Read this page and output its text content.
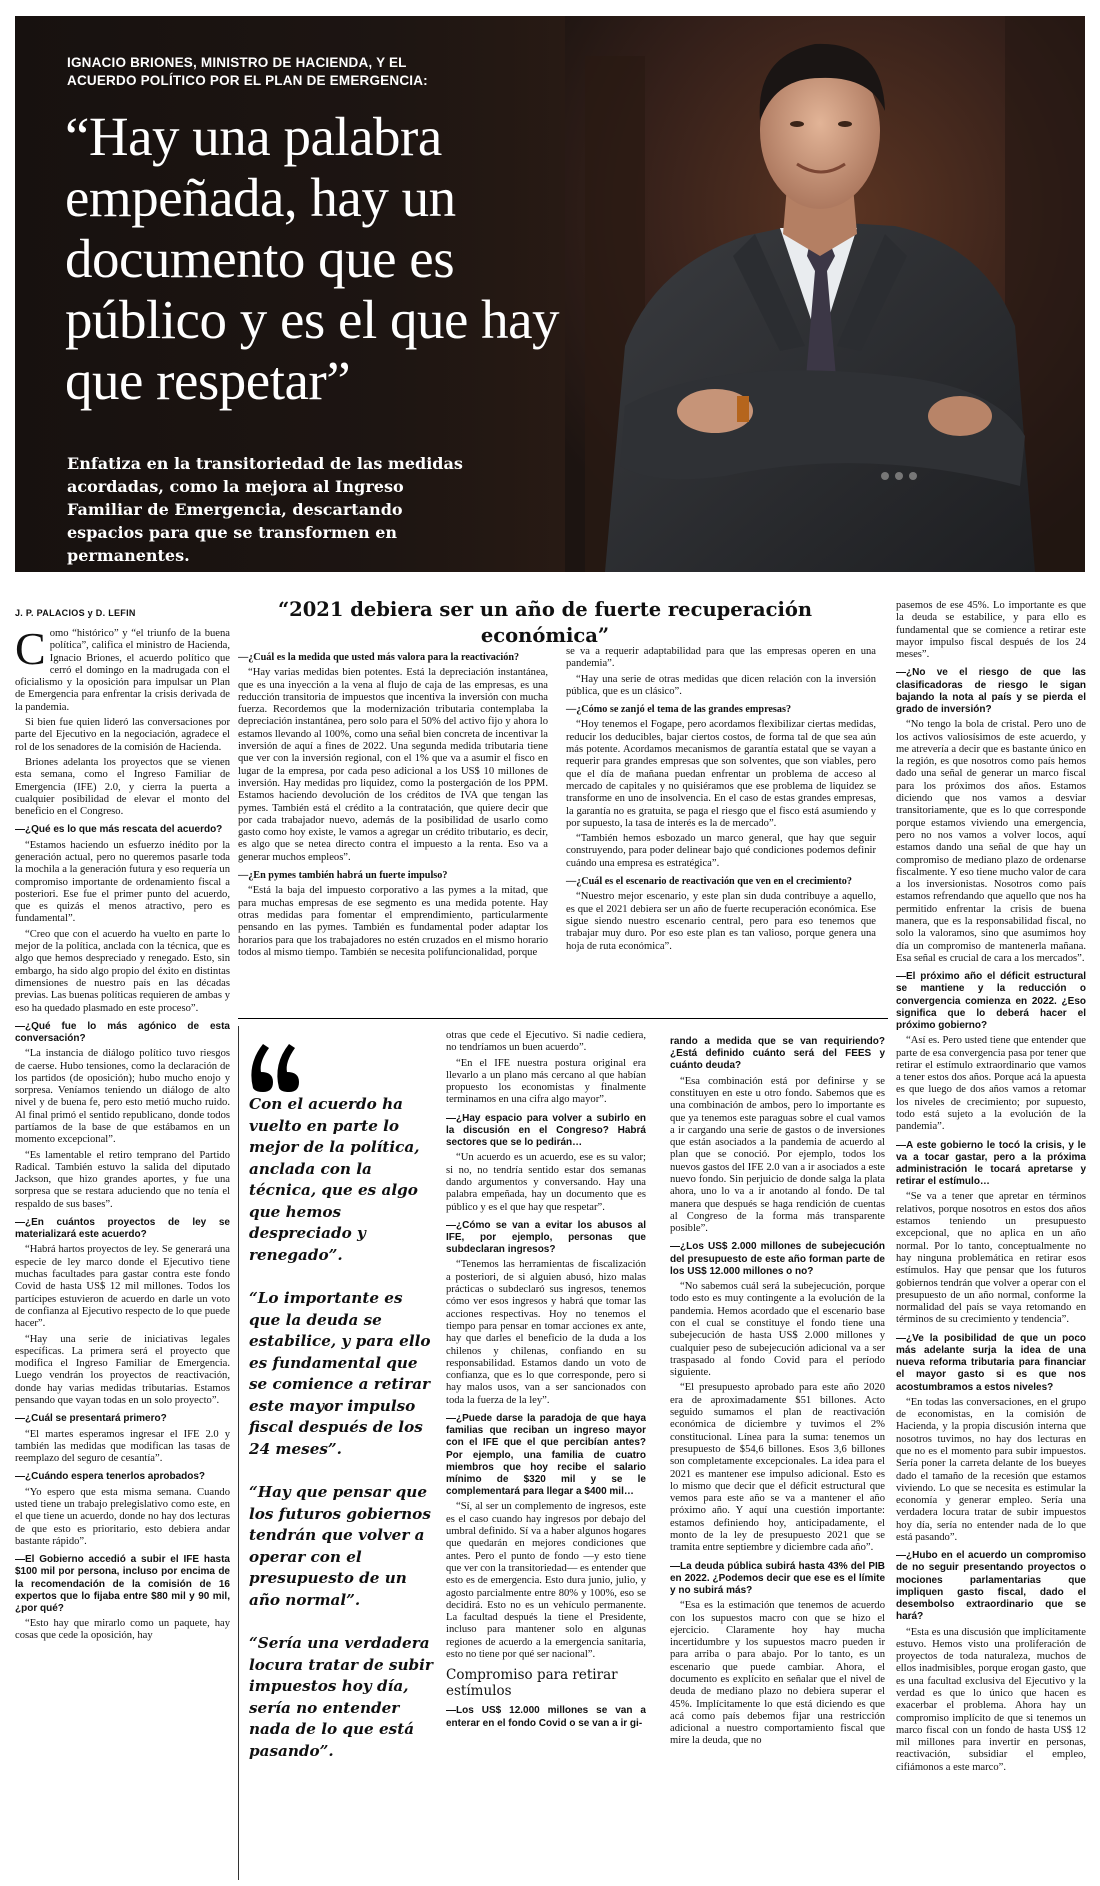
IGNACIO BRIONES, MINISTRO DE HACIENDA, Y EL ACUERDO POLÍTICO POR EL PLAN DE EMERGENCIA:
“Hay una palabra empeñada, hay un documento que es público y es el que hay que respetar”

Enfatiza en la transitoriedad de las medidas acordadas, como la mejora al Ingreso Familiar de Emergencia, descartando espacios para que se transformen en permanentes.

J. P. PALACIOS y D. LEFIN	“2021 debiera ser un año de fuerte recuperación económica”
C omo “histórico” y “el triunfo de la buena política”, califica el ministro de Hacienda, Ignacio Briones, el acuerdo político que cerró el domingo en la madrugada con el oficialismo y la oposición para impulsar un Plan de Emergencia para enfrentar la crisis derivada de la pandemia.

Si bien fue quien lideró las conversaciones por parte del Ejecutivo en la negociación, agradece el rol de los senadores de la comisión de Hacienda.

Briones adelanta los proyectos que se vienen esta semana, como el Ingreso Familiar de Emergencia (IFE) 2.0, y cierra la puerta a cualquier posibilidad de elevar el monto del beneficio en el Congreso.

—¿Qué es lo que más rescata del acuerdo?

“Estamos haciendo un esfuerzo inédito por la generación actual, pero no queremos pasarle toda la mochila a la generación futura y eso requería un compromiso importante de ordenamiento fiscal a posteriori. Ese fue el primer punto del acuerdo, que es quizás el menos atractivo, pero es fundamental”.

“Creo que con el acuerdo ha vuelto en parte lo mejor de la política, anclada con la técnica, que es algo que hemos despreciado y renegado. Esto, sin embargo, ha sido algo propio del éxito en distintas dimensiones de nuestro país en las décadas previas. Las buenas políticas requieren de ambas y eso ha quedado plasmado en este proceso”.

—¿Qué fue lo más agónico de esta conversación?

“La instancia de diálogo político tuvo riesgos de caerse. Hubo tensiones, como la declaración de los partidos (de oposición); hubo mucho enojo y sorpresa. Veníamos teniendo un diálogo de alto nivel y de buena fe, pero esto metió mucho ruido. Al final primó el sentido republicano, donde todos partíamos de la base de que estábamos en un momento excepcional”.

“Es lamentable el retiro temprano del Partido Radical. También estuvo la salida del diputado Jackson, que hizo grandes aportes, y fue una sorpresa que se restara aduciendo que no tenía el respaldo de sus bases”.

—¿En cuántos proyectos de ley se materializará este acuerdo?

“Habrá hartos proyectos de ley. Se generará una especie de ley marco donde el Ejecutivo tiene muchas facultades para gastar contra este fondo Covid de hasta US$ 12 mil millones. Todos los partícipes estuvieron de acuerdo en darle un voto de confianza al Ejecutivo respecto de lo que puede hacer”.

“Hay una serie de iniciativas legales específicas. La primera será el proyecto que modifica el Ingreso Familiar de Emergencia. Luego vendrán los proyectos de reactivación, donde hay varias medidas tributarias. Estamos pensando que vayan todas en un solo proyecto”.

—¿Cuál se presentará primero?

“El martes esperamos ingresar el IFE 2.0 y también las medidas que modifican las tasas de reemplazo del seguro de cesantía”.

—¿Cuándo espera tenerlos aprobados?

“Yo espero que esta misma semana. Cuando usted tiene un trabajo prelegislativo como este, en el que tiene un acuerdo, donde no hay dos lecturas de que esto es prioritario, esto debiera andar bastante rápido”.

—El Gobierno accedió a subir el IFE hasta $100 mil por persona, incluso por encima de la recomendación de la comisión de 16 expertos que lo fijaba entre $80 mil y 90 mil, ¿por qué?

“Esto hay que mirarlo como un paquete, hay cosas que cede la oposición, hay

—¿Cuál es la medida que usted más valora para la reactivación?

“Hay varias medidas bien potentes. Está la depreciación instantánea, que es una inyección a la vena al flujo de caja de las empresas, es una reducción transitoria de impuestos que incentiva la inversión con mucha fuerza. Recordemos que la modernización tributaria contemplaba la depreciación instantánea, pero solo para el 50% del activo fijo y ahora lo estamos llevando al 100%, como una señal bien concreta de incentivar la inversión de aquí a fines de 2022. Una segunda medida tributaria tiene que ver con la inversión regional, con el 1% que va a asumir el fisco en lugar de la empresa, por cada peso adicional a los US$ 10 millones de inversión. Hay medidas pro liquidez, como la postergación de los PPM. Estamos haciendo devolución de los créditos de IVA que tengan las pymes. También está el crédito a la contratación, que quiere decir que por cada trabajador nuevo, además de la posibilidad de usarlo como gasto como hoy existe, le vamos a agregar un crédito tributario, es decir, es algo que se netea directo contra el impuesto a la renta. Eso va a generar muchos empleos”.

—¿En pymes también habrá un fuerte impulso?

“Está la baja del impuesto corporativo a las pymes a la mitad, que para muchas empresas de ese segmento es una medida potente. Hay otras medidas para fomentar el emprendimiento, particularmente pensando en las pymes. También es fundamental poder adaptar los horarios para que los trabajadores no estén cruzados en el mismo horario todos al mismo tiempo. También se necesita polifuncionalidad, porque

se va a requerir adaptabilidad para que las empresas operen en una pandemia”.

“Hay una serie de otras medidas que dicen relación con la inversión pública, que es un clásico”.

—¿Cómo se zanjó el tema de las grandes empresas?

“Hoy tenemos el Fogape, pero acordamos flexibilizar ciertas medidas, reducir los deducibles, bajar ciertos costos, de forma tal de que sea aún más potente. Acordamos mecanismos de garantía estatal que se vayan a requerir para grandes empresas que son solventes, que son viables, pero que el día de mañana puedan enfrentar un problema de acceso al mercado de capitales y no quisiéramos que ese problema de liquidez se transforme en uno de insolvencia. En el caso de estas grandes empresas, la garantía no es gratuita, se paga el riesgo que el fisco está asumiendo y por supuesto, la tasa de interés es la de mercado”.

“También hemos esbozado un marco general, que hay que seguir construyendo, para poder delinear bajo qué condiciones podemos definir cuándo una empresa es estratégica”.

—¿Cuál es el escenario de reactivación que ven en el crecimiento?

“Nuestro mejor escenario, y este plan sin duda contribuye a aquello, es que el 2021 debiera ser un año de fuerte recuperación económica. Ese sigue siendo nuestro escenario central, pero para eso tenemos que trabajar muy duro. Por eso este plan es tan valioso, porque genera una hoja de ruta económica”.

pasemos de ese 45%. Lo importante es que la deuda se estabilice, y para ello es fundamental que se comience a retirar este mayor impulso fiscal después de los 24 meses”.

—¿No ve el riesgo de que las clasificadoras de riesgo le sigan bajando la nota al país y se pierda el grado de inversión?

“No tengo la bola de cristal. Pero uno de los activos valiosísimos de este acuerdo, y me atrevería a decir que es bastante único en la región, es que nosotros como país hemos dado una señal de generar un marco fiscal para los próximos dos años. Estamos diciendo que nos vamos a desviar transitoriamente, que es lo que corresponde porque estamos viviendo una emergencia, pero no nos vamos a volver locos, aquí estamos dando una señal de que hay un compromiso de mediano plazo de ordenarse fiscalmente. Y eso tiene mucho valor de cara a los inversionistas. Nosotros como país estamos refrendando que aquello que nos ha permitido enfrentar la crisis de buena manera, que es la responsabilidad fiscal, no solo la valoramos, sino que asumimos hoy día un compromiso de mantenerla mañana. Esa señal es crucial de cara a los mercados”.

—El próximo año el déficit estructural se mantiene y la reducción o convergencia comienza en 2022. ¿Eso significa que lo deberá hacer el próximo gobierno?

“Así es. Pero usted tiene que entender que parte de esa convergencia pasa por tener que retirar el estímulo extraordinario que vamos a tener estos dos años. Porque acá la apuesta es que luego de dos años vamos a retomar los niveles de crecimiento; por supuesto, todo está sujeto a la evolución de la pandemia”.

—A este gobierno le tocó la crisis, y le va a tocar gastar, pero a la próxima administración le tocará apretarse y retirar el estímulo…

“Se va a tener que apretar en términos relativos, porque nosotros en estos dos años estamos teniendo un presupuesto excepcional, que no aplica en un año normal. Por lo tanto, conceptualmente no hay ninguna problemática en retirar esos estímulos. Hay que pensar que los futuros gobiernos tendrán que volver a operar con el presupuesto de un año normal, conforme la normalidad del país se vaya retomando en términos de su crecimiento y tendencia”.

—¿Ve la posibilidad de que un poco más adelante surja la idea de una nueva reforma tributaria para financiar el mayor gasto si es que nos acostumbramos a estos niveles?

“En todas las conversaciones, en el grupo de economistas, en la comisión de Hacienda, y la propia discusión interna que nosotros tuvimos, no hay dos lecturas en que no es el momento para subir impuestos. Sería poner la carreta delante de los bueyes dado el tamaño de la recesión que estamos viviendo. Lo que se necesita es estimular la economía y generar empleo. Sería una verdadera locura tratar de subir impuestos hoy día, sería no entender nada de lo que está pasando”.

—¿Hubo en el acuerdo un compromiso de no seguir presentando proyectos o mociones parlamentarias que impliquen gasto fiscal, dado el desembolso extraordinario que se hará?

“Esta es una discusión que implícitamente estuvo. Hemos visto una proliferación de proyectos de toda naturaleza, muchos de ellos inadmisibles, porque erogan gasto, que es una facultad exclusiva del Ejecutivo y la verdad es que lo único que hacen es exacerbar el problema. Ahora hay un compromiso implícito de que si tenemos un marco fiscal con un fondo de hasta US$ 12 mil millones para invertir en personas, reactivación, subsidiar el empleo, cifiámonos a este marco”.

Con el acuerdo ha vuelto en parte lo mejor de la política, anclada con la técnica, que es algo que hemos despreciado y renegado”.

“Lo importante es que la deuda se estabilice, y para ello es fundamental que se comience a retirar este mayor impulso fiscal después de los 24 meses”.

“Hay que pensar que los futuros gobiernos tendrán que volver a operar con el presupuesto de un año normal”.

“Sería una verdadera locura tratar de subir impuestos hoy día, sería no entender nada de lo que está pasando”.

otras que cede el Ejecutivo. Si nadie cediera, no tendríamos un buen acuerdo”.

“En el IFE nuestra postura original era llevarlo a un plano más cercano al que habían propuesto los economistas y finalmente terminamos en una cifra algo mayor”.

—¿Hay espacio para volver a subirlo en la discusión en el Congreso? Habrá sectores que se lo pedirán…

“Un acuerdo es un acuerdo, ese es su valor; si no, no tendría sentido estar dos semanas dando argumentos y conversando. Hay una palabra empeñada, hay un documento que es público y es el que hay que respetar”.

—¿Cómo se van a evitar los abusos al IFE, por ejemplo, personas que subdeclaran ingresos?

“Tenemos las herramientas de fiscalización a posteriori, de si alguien abusó, hizo malas prácticas o subdeclaró sus ingresos, tenemos cómo ver esos ingresos y habrá que tomar las acciones respectivas. Hoy no tenemos el tiempo para pensar en tomar acciones ex ante, hay que darles el beneficio de la duda a los chilenos y chilenas, confiando en su responsabilidad. Estamos dando un voto de confianza, que es lo que corresponde, pero si hay malos usos, van a ser sancionados con toda la fuerza de la ley”.

—¿Puede darse la paradoja de que haya familias que reciban un ingreso mayor con el IFE que el que percibían antes? Por ejemplo, una familia de cuatro miembros que hoy recibe el salario mínimo de $320 mil y se le complementará para llegar a $400 mil…

“Sí, al ser un complemento de ingresos, este es el caso cuando hay ingresos por debajo del umbral definido. Sí va a haber algunos hogares que quedarán en mejores condiciones que antes. Pero el punto de fondo —y esto tiene que ver con la transitoriedad— es entender que esto es de emergencia. Esto dura junio, julio, y agosto parcialmente entre 80% y 100%, eso se decidirá. Esto no es un vehículo permanente. La facultad después la tiene el Presidente, incluso para mantener solo en algunas regiones de acuerdo a la emergencia sanitaria, esto no tiene por qué ser nacional”.

Compromiso para retirar estímulos

—Los US$ 12.000 millones se van a enterar en el fondo Covid o se van a ir gi-

rando a medida que se van requiriendo? ¿Está definido cuánto será del FEES y cuánto deuda?

“Esa combinación está por definirse y se constituyen en este u otro fondo. Sabemos que es una combinación de ambos, pero lo importante es que ya tenemos este paraguas sobre el cual vamos a ir cargando una serie de gastos o de inversiones que están asociados a la pandemia de acuerdo al plan que se conoció. Por ejemplo, todos los nuevos gastos del IFE 2.0 van a ir asociados a este nuevo fondo. Sin perjuicio de donde salga la plata ahora, uno lo va a ir anotando al fondo. De tal manera que después se haga rendición de cuentas al Congreso de la forma más transparente posible”.

—¿Los US$ 2.000 millones de subejecución del presupuesto de este año forman parte de los US$ 12.000 millones o no?

“No sabemos cuál será la subejecución, porque todo esto es muy contingente a la evolución de la pandemia. Hemos acordado que el escenario base con el cual se constituye el fondo tiene una subejecución de hasta US$ 2.000 millones y cualquier peso de subejecución adicional va a ser traspasado al fondo Covid para el período siguiente.

“El presupuesto aprobado para este año 2020 era de aproximadamente $51 billones. Acto seguido sumamos el plan de reactivación económica de diciembre y tuvimos el 2% constitucional. Línea para la suma: tenemos un presupuesto de $54,6 billones. Esos 3,6 billones son completamente excepcionales. La idea para el 2021 es mantener ese impulso adicional. Esto es lo mismo que decir que el déficit estructural que vemos para este año se va a mantener el año próximo año. Y aquí una cuestión importante: estamos definiendo hoy, anticipadamente, el monto de la ley de presupuesto 2021 que se tramita entre septiembre y diciembre cada año”.

—La deuda pública subirá hasta 43% del PIB en 2022. ¿Podemos decir que ese es el límite y no subirá más?

“Esa es la estimación que tenemos de acuerdo con los supuestos macro con que se hizo el ejercicio. Claramente hoy hay mucha incertidumbre y los supuestos macro pueden ir para arriba o para abajo. Por lo tanto, es un escenario que puede cambiar. Ahora, el documento es explícito en señalar que el nivel de deuda de mediano plazo no debiera superar el 45%. Implícitamente lo que está diciendo es que acá como país debemos fijar una restricción adicional a nuestro comportamiento fiscal que mire la deuda, que no
